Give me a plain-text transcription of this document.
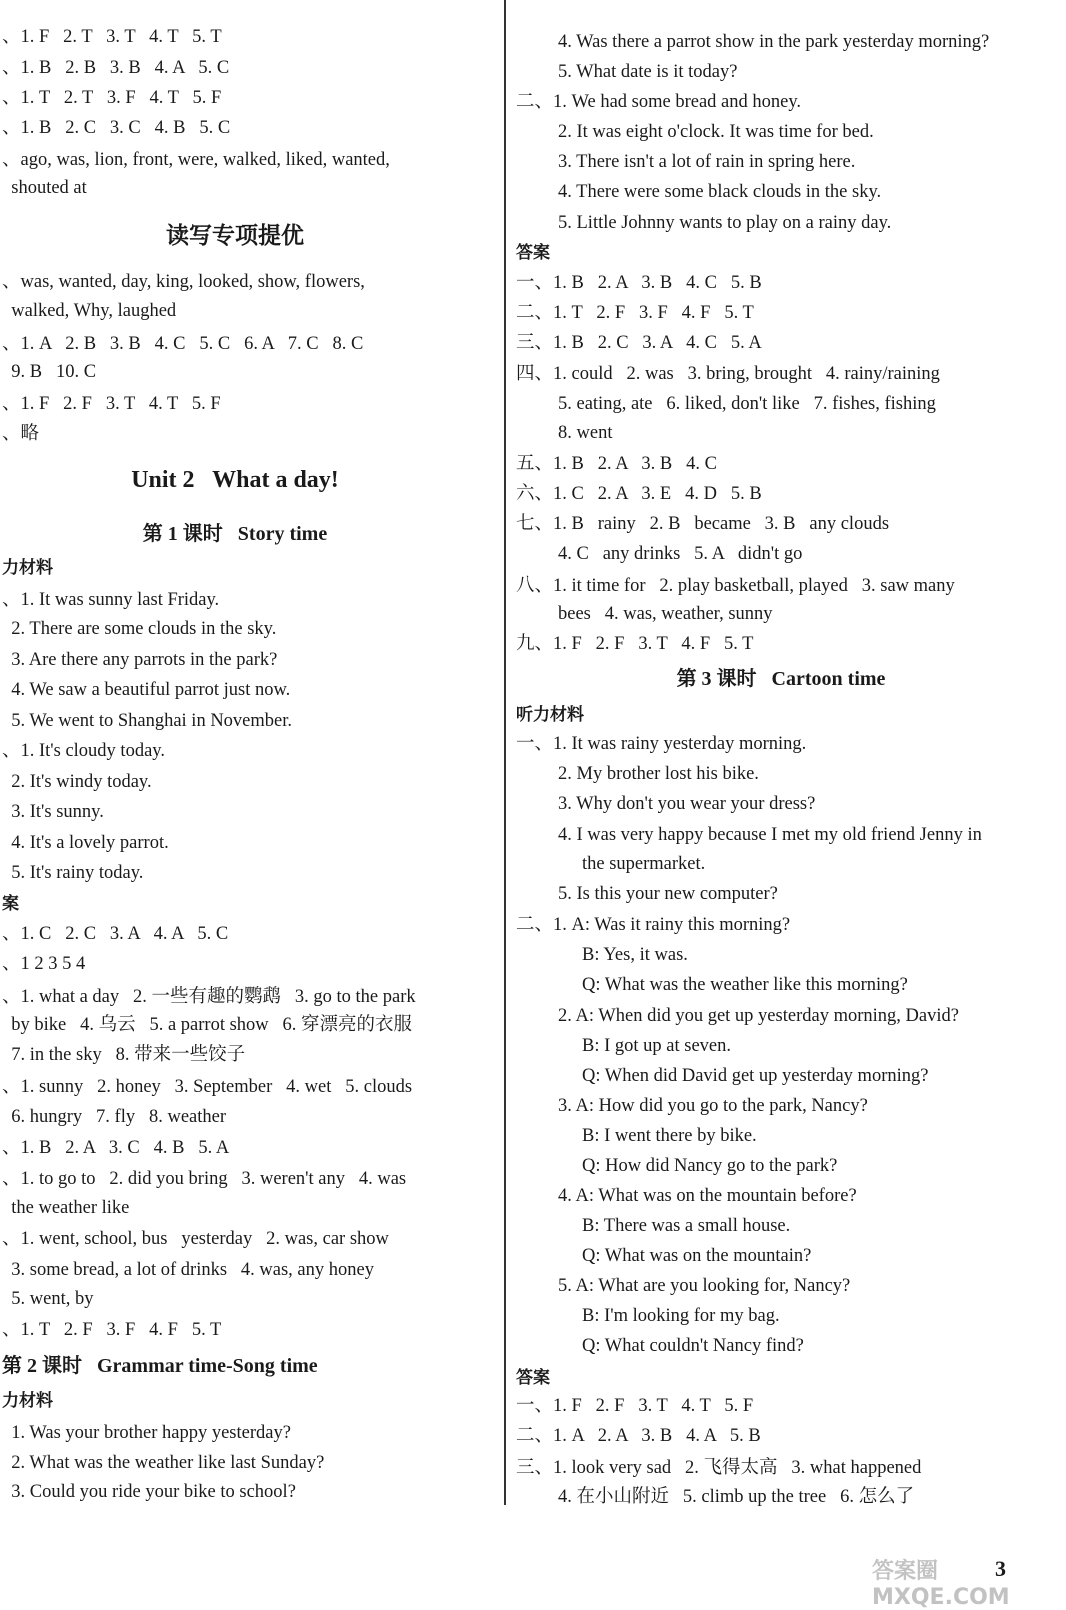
、1. F   2. T   3. T   4. T   5. T
、1. B   2. B   3. B   4. A   5. C
、1. T   2. T   3. F   4. T   5. F
、1. B   2. C   3. C   4. B   5. C
、ago, was, lion, front, were, walked, liked, wanted,
shouted at
读写专项提优
、was, wanted, day, king, looked, show, flowers,
walked, Why, laughed
、1. A   2. B   3. B   4. C   5. C   6. A   7. C   8. C
9. B   10. C
、1. F   2. F   3. T   4. T   5. F
、略
Unit 2   What a day!
第 1 课时   Story time
力材料
、1. It was sunny last Friday.
2. There are some clouds in the sky.
3. Are there any parrots in the park?
4. We saw a beautiful parrot just now.
5. We went to Shanghai in November.
、1. It's cloudy today.
2. It's windy today.
3. It's sunny.
4. It's a lovely parrot.
5. It's rainy today.
案
、1. C   2. C   3. A   4. A   5. C
、1 2 3 5 4
、1. what a day   2. 一些有趣的鹦鹉   3. go to the park
by bike   4. 乌云   5. a parrot show   6. 穿漂亮的衣服
7. in the sky   8. 带来一些饺子
、1. sunny   2. honey   3. September   4. wet   5. clouds
6. hungry   7. fly   8. weather
、1. B   2. A   3. C   4. B   5. A
、1. to go to   2. did you bring   3. weren't any   4. was
the weather like
、1. went, school, bus   yesterday   2. was, car show
3. some bread, a lot of drinks   4. was, any honey
5. went, by
、1. T   2. F   3. F   4. F   5. T
第 2 课时   Grammar time-Song time
力材料
1. Was your brother happy yesterday?
2. What was the weather like last Sunday?
3. Could you ride your bike to school?
4. Was there a parrot show in the park yesterday morning?
5. What date is it today?
二、1. We had some bread and honey.
2. It was eight o'clock. It was time for bed.
3. There isn't a lot of rain in spring here.
4. There were some black clouds in the sky.
5. Little Johnny wants to play on a rainy day.
答案
一、1. B   2. A   3. B   4. C   5. B
二、1. T   2. F   3. F   4. F   5. T
三、1. B   2. C   3. A   4. C   5. A
四、1. could   2. was   3. bring, brought   4. rainy/raining
5. eating, ate   6. liked, don't like   7. fishes, fishing
8. went
五、1. B   2. A   3. B   4. C
六、1. C   2. A   3. E   4. D   5. B
七、1. B   rainy   2. B   became   3. B   any clouds
4. C   any drinks   5. A   didn't go
八、1. it time for   2. play basketball, played   3. saw many
bees   4. was, weather, sunny
九、1. F   2. F   3. T   4. F   5. T
第 3 课时   Cartoon time
听力材料
一、1. It was rainy yesterday morning.
2. My brother lost his bike.
3. Why don't you wear your dress?
4. I was very happy because I met my old friend Jenny in
the supermarket.
5. Is this your new computer?
二、1. A: Was it rainy this morning?
B: Yes, it was.
Q: What was the weather like this morning?
2. A: When did you get up yesterday morning, David?
B: I got up at seven.
Q: When did David get up yesterday morning?
3. A: How did you go to the park, Nancy?
B: I went there by bike.
Q: How did Nancy go to the park?
4. A: What was on the mountain before?
B: There was a small house.
Q: What was on the mountain?
5. A: What are you looking for, Nancy?
B: I'm looking for my bag.
Q: What couldn't Nancy find?
答案
一、1. F   2. F   3. T   4. T   5. F
二、1. A   2. A   3. B   4. A   5. B
三、1. look very sad   2. 飞得太高   3. what happened
4. 在小山附近   5. climb up the tree   6. 怎么了
3
答案圈 MXQE.COM
